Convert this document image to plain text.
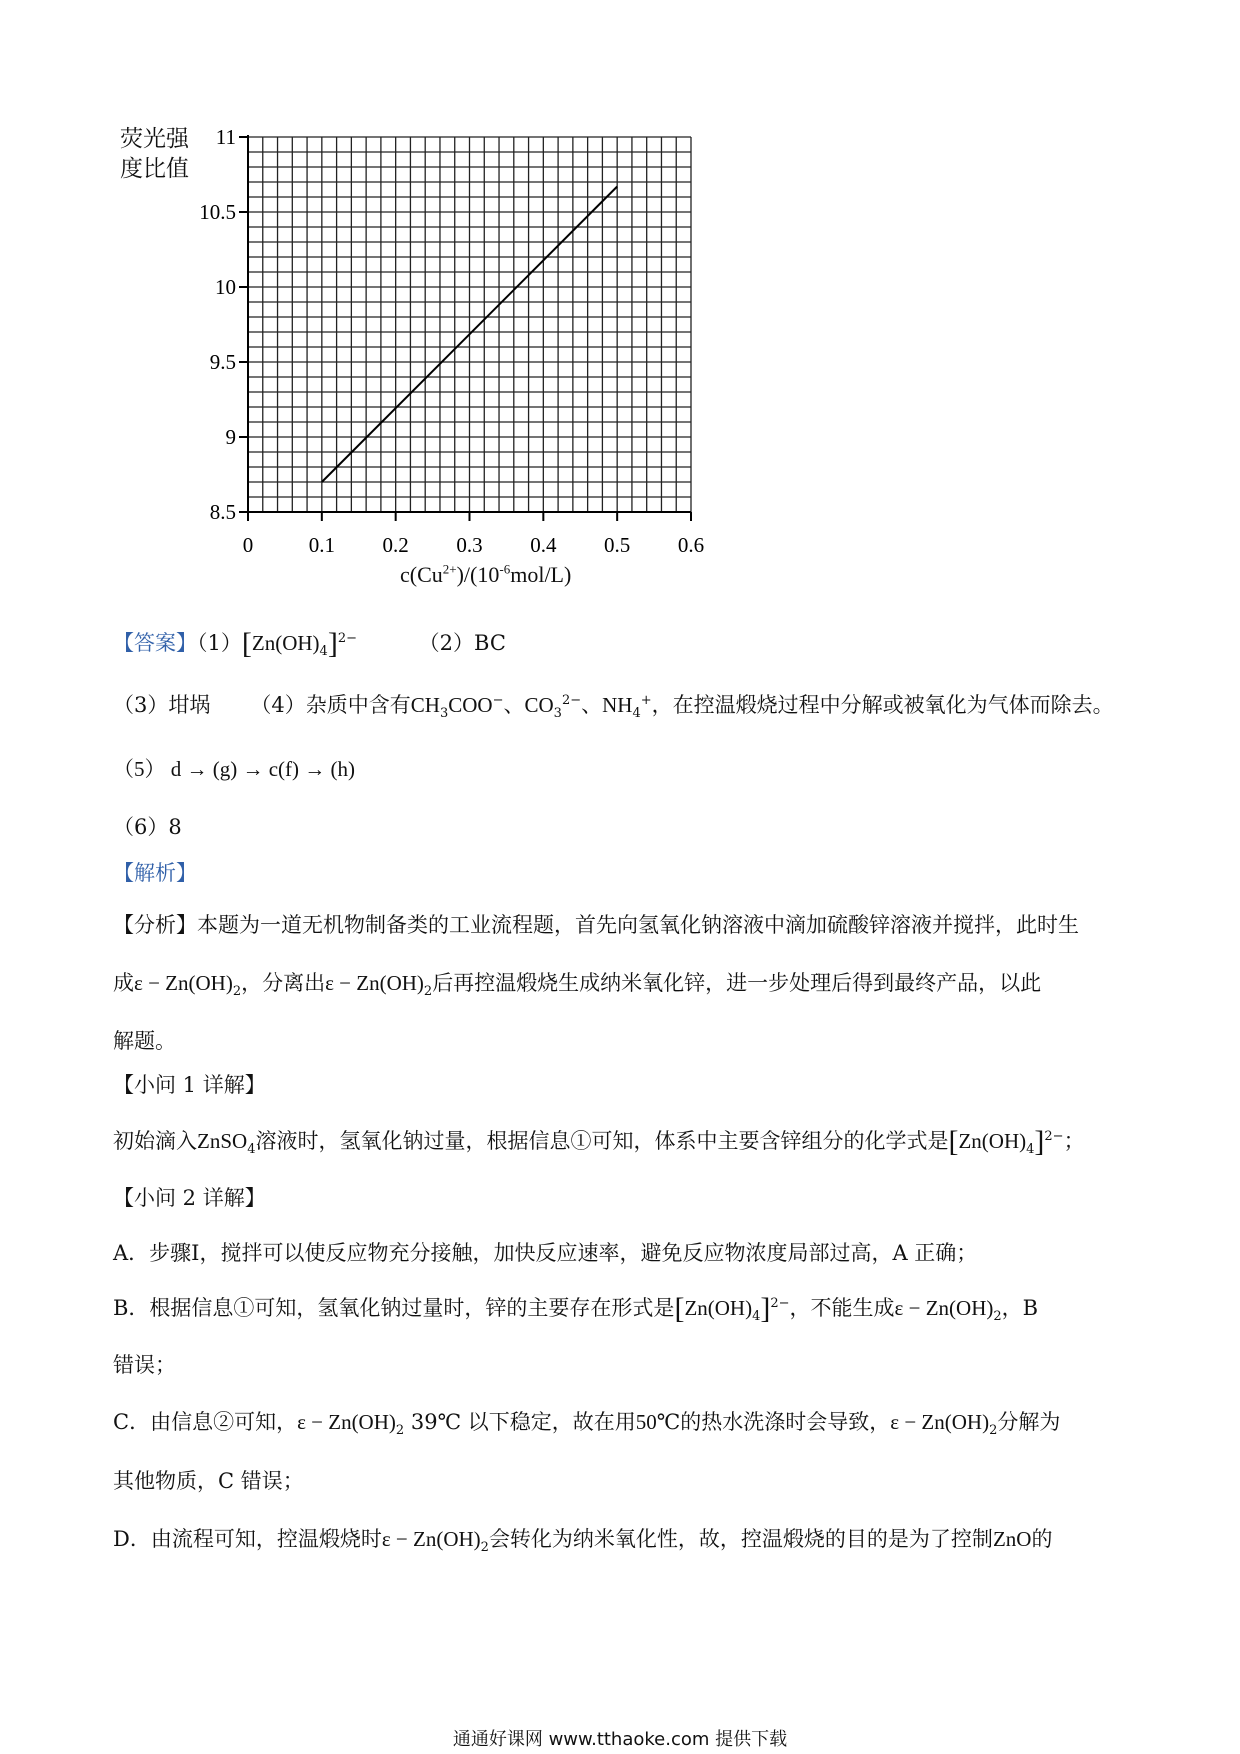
荧光强
度比值
0	0.1 0.2 0.3 0.4 0.5 0.6
8.5
9
9.5
10
10.5
11
$c(Cu^{2+})/(10^{-6}mol/L)$
【答案】$(1)[Zn(OH)_4]^{2-}$	（2）BC
（3）坩埚 （4）杂质中含有$CH_3COO^-$、$CO_3^{2-}$、$NH_4^+$，在控温煅烧过程中分解或被氧化为气体而除去。
（5） d → (g) → c(f) → (h)
（6）8
【解析】
【分析】本题为一道无机物制备类的工业流程题，首先向氢氧化钠溶液中滴加硫酸锌溶液并搅拌，此时生
成$\varepsilon - Zn(OH)_2$，分离出$\varepsilon - Zn(OH)_2$后再控温煅烧生成纳米氧化锌，进一步处理后得到最终产品，以此
解题。
【小问 1 详解】
初始滴入ZnSO$_4$溶液时，氢氧化钠过量，根据信息①可知，体系中主要含锌组分的化学式是$[Zn(OH)_4]^{2-}$；
【小问 2 详解】
A．步骤I，搅拌可以使反应物充分接触，加快反应速率，避免反应物浓度局部过高，A 正确；
B．根据信息①可知，氢氧化钠过量时，锌的主要存在形式是$[Zn(OH)_4]^{2-}$，不能生成$\varepsilon - Zn(OH)_2$，B
错误；
C．由信息②可知，$\varepsilon - Zn(OH)_2$ 39℃ 以下稳定，故在用50℃的热水洗涤时会导致，$\varepsilon - Zn(OH)_2$分解为
其他物质，C 错误；
D．由流程可知，控温煅烧时$\varepsilon - Zn(OH)_2$会转化为纳米氧化性，故，控温煅烧的目的是为了控制ZnO的
通通好课网 www.tthaoke.com 提供下载
